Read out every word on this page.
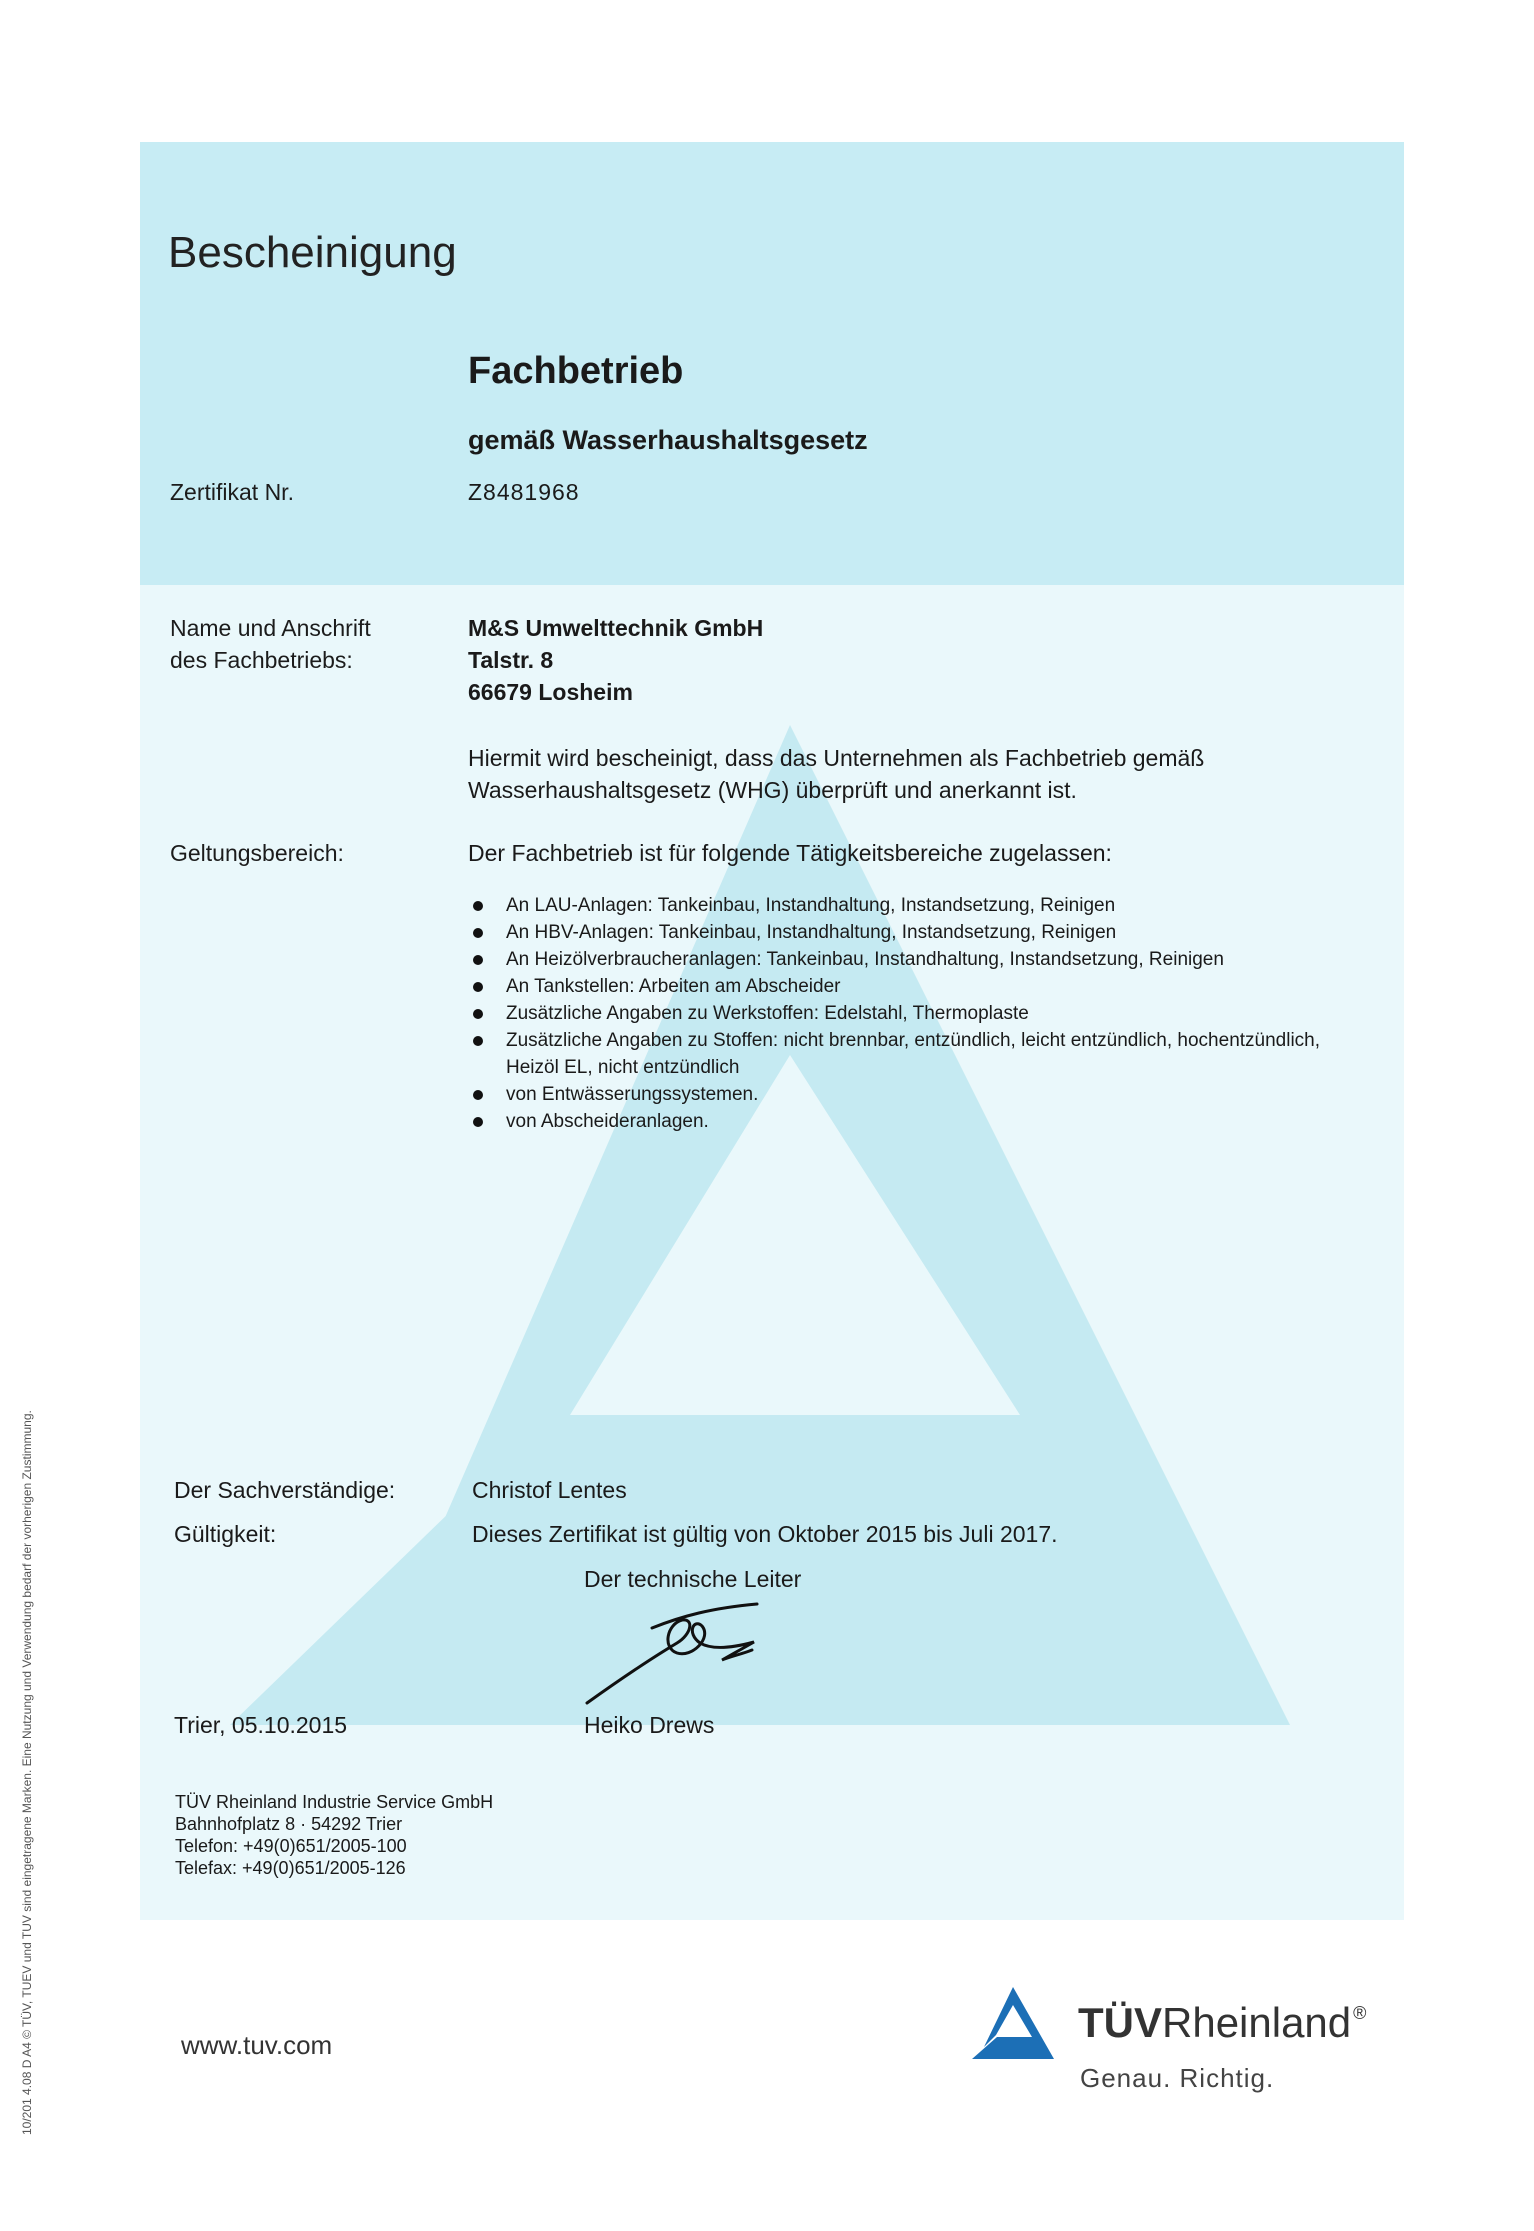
Bescheinigung
Fachbetrieb
gemäß Wasserhaushaltsgesetz
Zertifikat Nr.	Z8481968
Name und Anschrift
des Fachbetriebs:
M&S Umwelttechnik GmbH
Talstr. 8
66679 Losheim
Hiermit wird bescheinigt, dass das Unternehmen als Fachbetrieb gemäß Wasserhaushaltsgesetz (WHG) überprüft und anerkannt ist.
Geltungsbereich:	Der Fachbetrieb ist für folgende Tätigkeitsbereiche zugelassen:
An LAU-Anlagen: Tankeinbau, Instandhaltung, Instandsetzung, Reinigen
An HBV-Anlagen: Tankeinbau, Instandhaltung, Instandsetzung, Reinigen
An Heizölverbraucheranlagen: Tankeinbau, Instandhaltung, Instandsetzung, Reinigen
An Tankstellen: Arbeiten am Abscheider
Zusätzliche Angaben zu Werkstoffen: Edelstahl, Thermoplaste
Zusätzliche Angaben zu Stoffen: nicht brennbar, entzündlich, leicht entzündlich, hochentzündlich, Heizöl EL, nicht entzündlich
von Entwässerungssystemen.
von Abscheideranlagen.
Der Sachverständige:	Christof Lentes
Gültigkeit:	Dieses Zertifikat ist gültig von Oktober 2015 bis Juli 2017.
Der technische Leiter
Trier, 05.10.2015	Heiko Drews
TÜV Rheinland Industrie Service GmbH
Bahnhofplatz 8 · 54292 Trier
Telefon: +49(0)651/2005-100
Telefax: +49(0)651/2005-126
www.tuv.com	TÜVRheinland ®
Genau. Richtig.
10/201 4.08 D A4 © TÜV, TUEV und TUV sind eingetragene Marken. Eine Nutzung und Verwendung bedarf der vorherigen Zustimmung.
